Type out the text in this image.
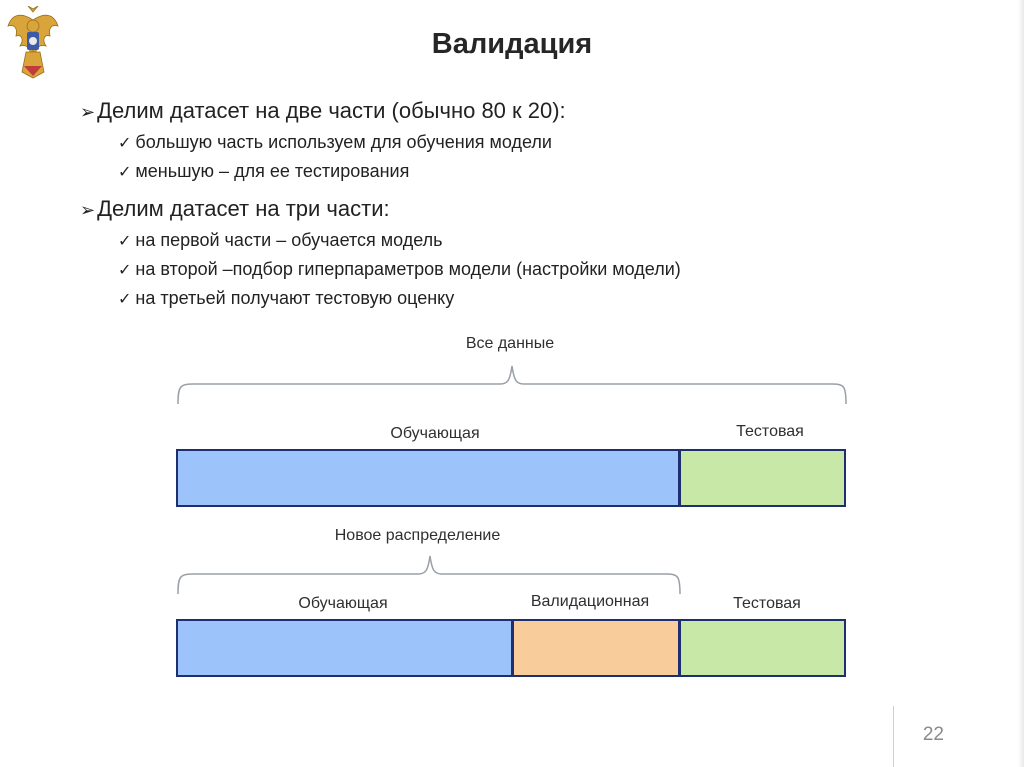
Валидация
➢Делим датасет на две части (обычно 80 к 20):
✓ большую часть используем для обучения модели
✓ меньшую – для ее тестирования
➢Делим датасет на три части:
✓ на первой части – обучается модель
✓ на второй –подбор гиперпараметров модели (настройки модели)
✓ на третьей получают тестовую оценку
Все данные
Обучающая	Тестовая
Новое распределение
Обучающая	Валидационная	Тестовая
22
